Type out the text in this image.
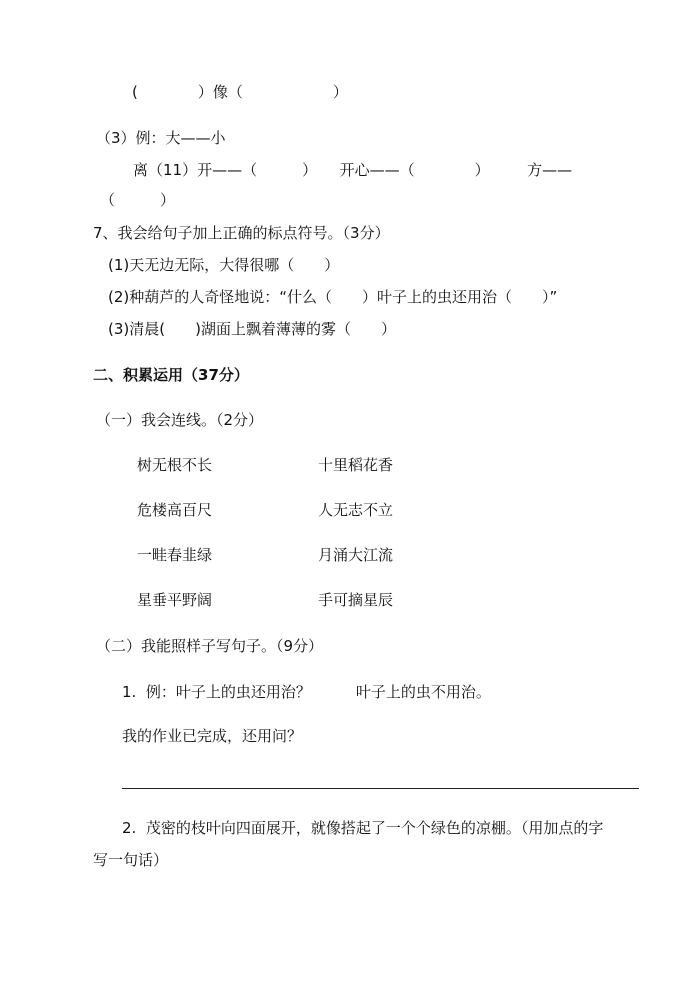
(　　　　）像（　　　　　　）
（3）例：大——小
离（11）开——（　　　）　　开心——（　　　　）　　　方——
（　　　）
7、我会给句子加上正确的标点符号。（3分）
(1)天无边无际，大得很哪（　　）
(2)种葫芦的人奇怪地说：“什么（　　）叶子上的虫还用治（　　）”
(3)清晨(　　)湖面上飘着薄薄的雾（　　）
二、积累运用（37分）
（一）我会连线。（2分）
树无根不长	十里稻花香
危楼高百尺	人无志不立
一畦春韭绿	月涌大江流
星垂平野阔	手可摘星辰
（二）我能照样子写句子。（9分）
1.  例：叶子上的虫还用治？　　　叶子上的虫不用治。
我的作业已完成，还用问？
2.  茂密的枝叶向四面展开，就像搭起了一个个绿色的凉棚。（用加点的字
写一句话）
